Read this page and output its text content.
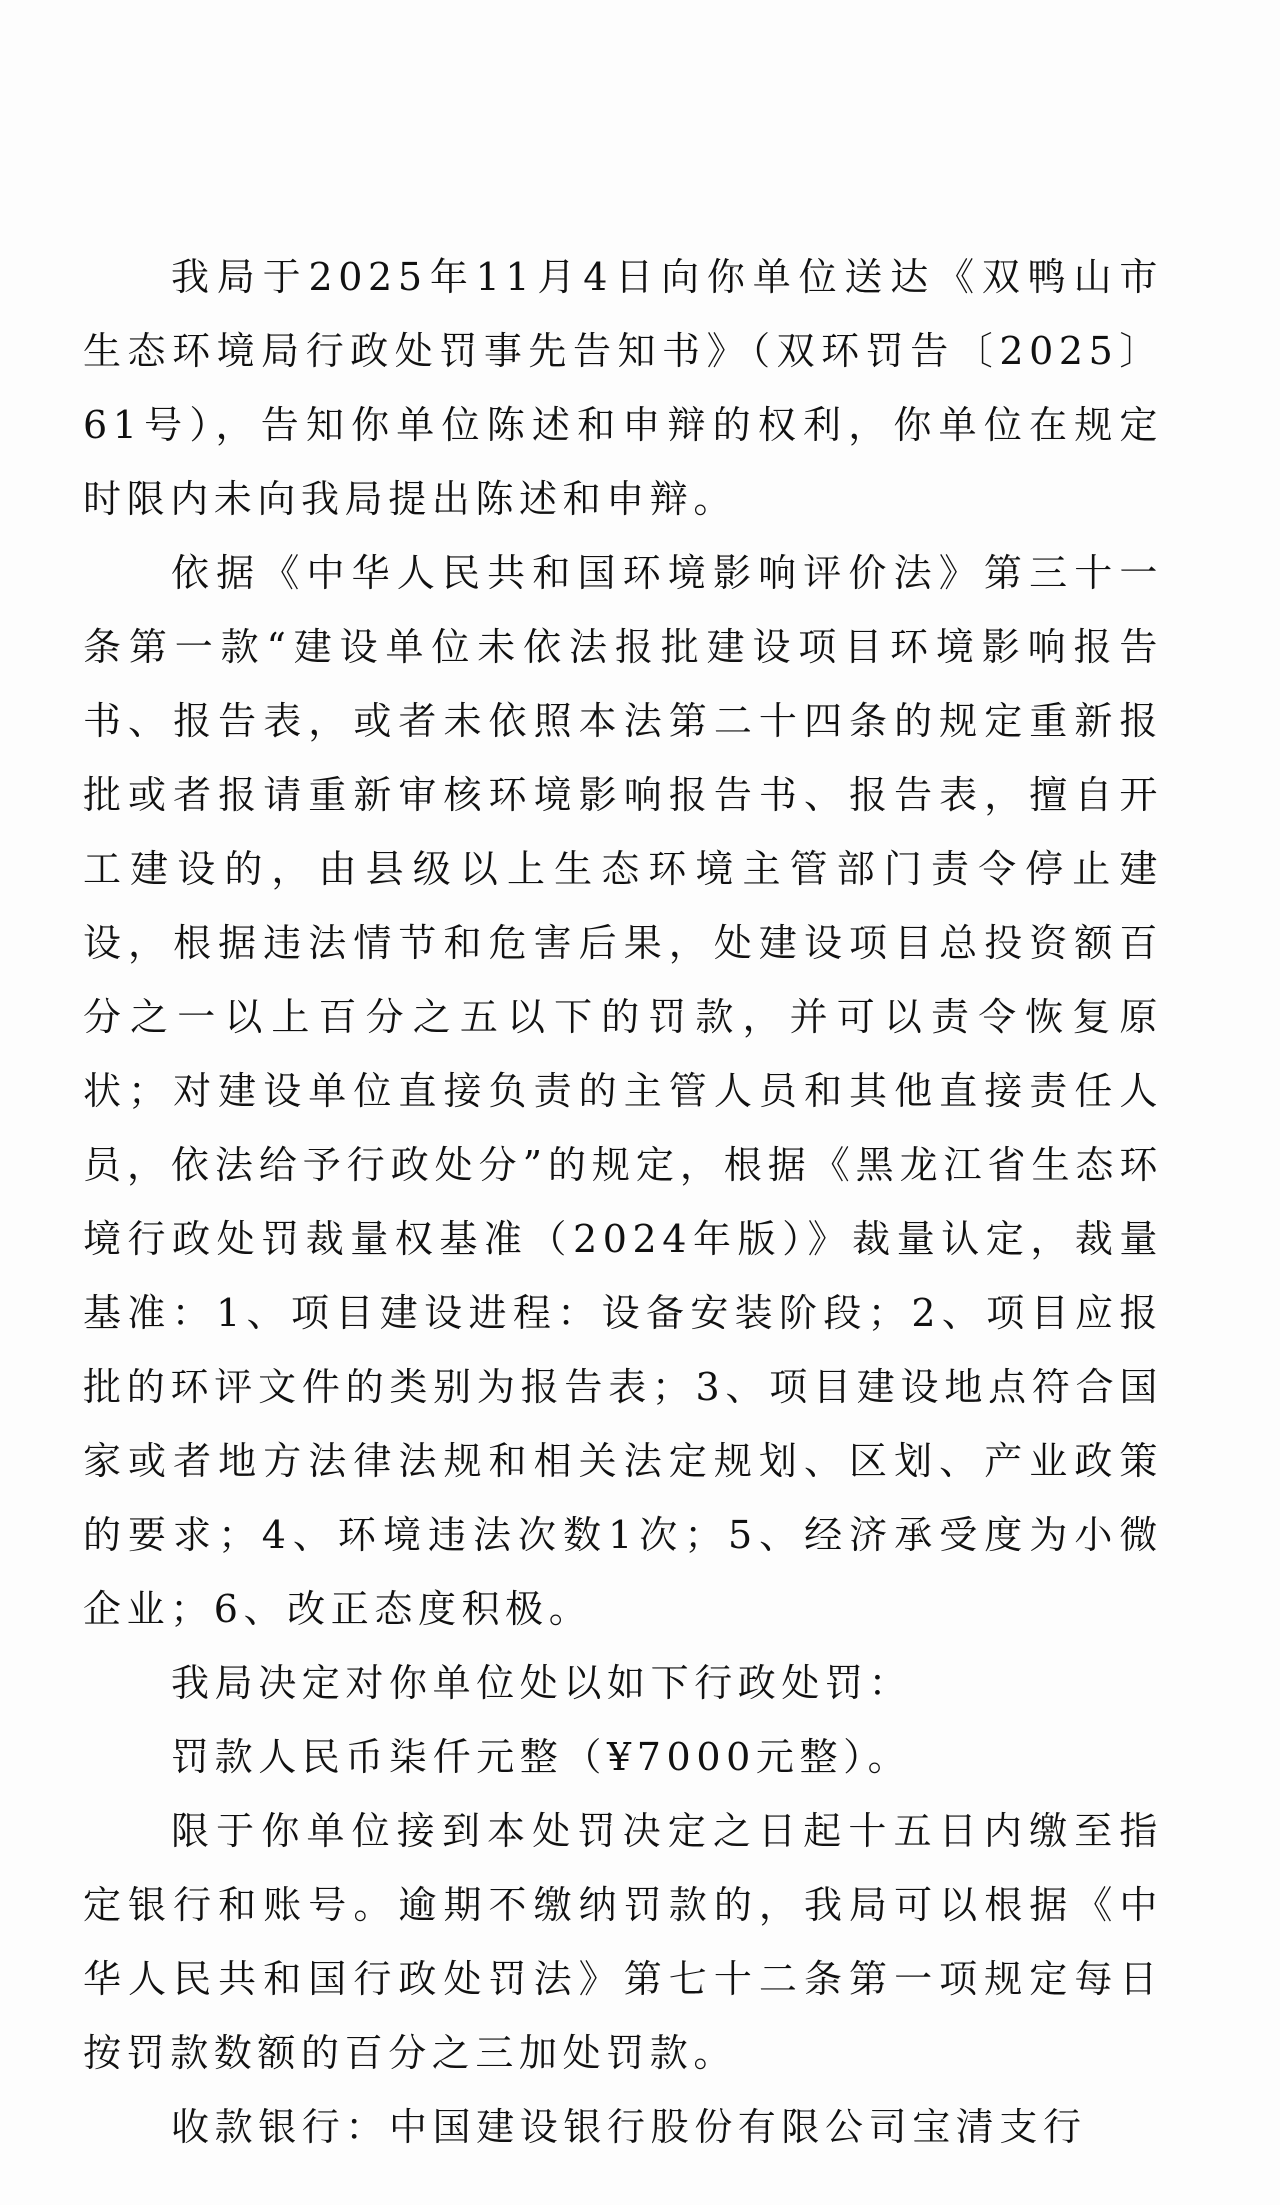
我局于2025年11月4日向你单位送达《双鸭山市生态环境局行政处罚事先告知书》（双环罚告〔2025〕61号），告知你单位陈述和申辩的权利，你单位在规定时限内未向我局提出陈述和申辩。

依据《中华人民共和国环境影响评价法》第三十一条第一款“建设单位未依法报批建设项目环境影响报告书、报告表，或者未依照本法第二十四条的规定重新报批或者报请重新审核环境影响报告书、报告表，擅自开工建设的，由县级以上生态环境主管部门责令停止建设，根据违法情节和危害后果，处建设项目总投资额百分之一以上百分之五以下的罚款，并可以责令恢复原状；对建设单位直接负责的主管人员和其他直接责任人员，依法给予行政处分”的规定，根据《黑龙江省生态环境行政处罚裁量权基准（2024年版）》裁量认定，裁量基准：1、项目建设进程：设备安装阶段；2、项目应报批的环评文件的类别为报告表；3、项目建设地点符合国家或者地方法律法规和相关法定规划、区划、产业政策的要求；4、环境违法次数1次；5、经济承受度为小微企业；6、改正态度积极。

我局决定对你单位处以如下行政处罚：

罚款人民币柒仟元整（¥7000元整）。

限于你单位接到本处罚决定之日起十五日内缴至指定银行和账号。逾期不缴纳罚款的，我局可以根据《中华人民共和国行政处罚法》第七十二条第一项规定每日按罚款数额的百分之三加处罚款。

收款银行：中国建设银行股份有限公司宝清支行
